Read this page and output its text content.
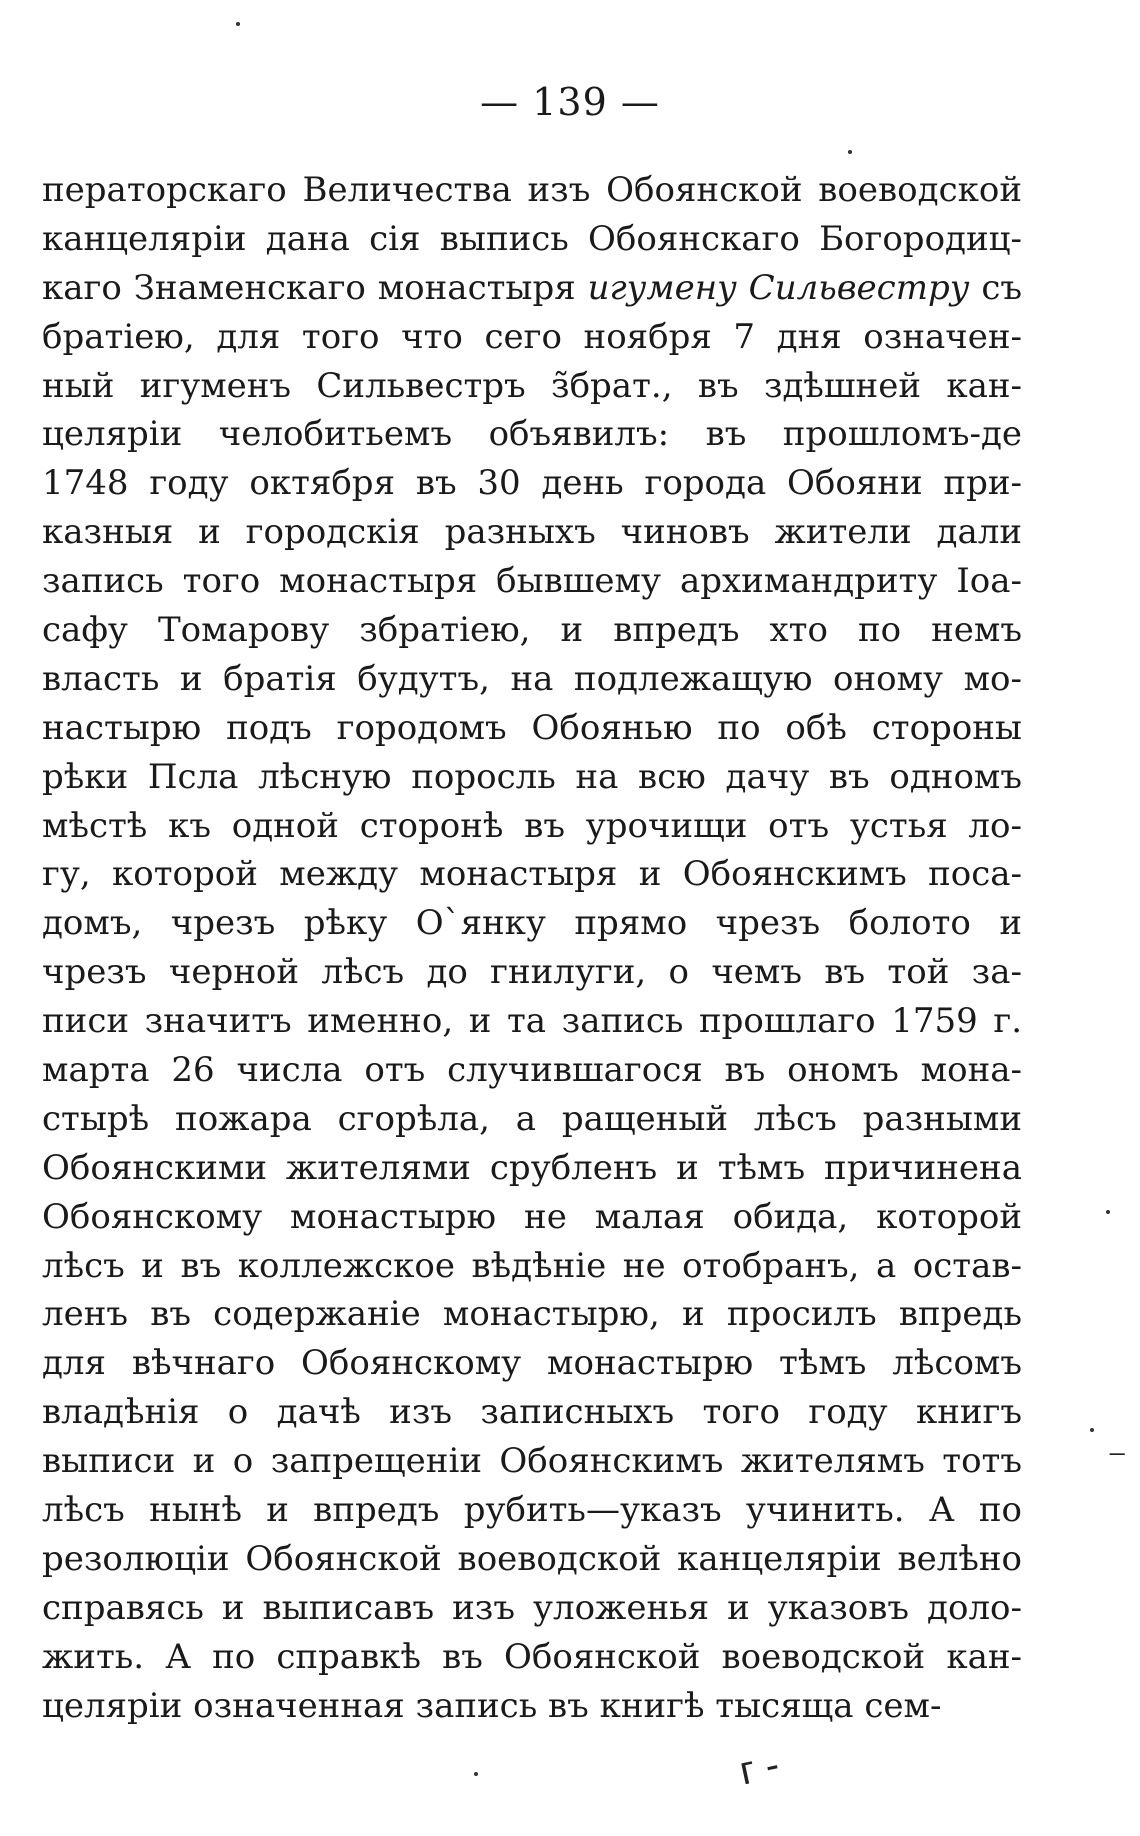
— 139 —
ператорскаго Величества изъ Обоянской воеводской
канцеляріи дана сія выпись Обоянскаго Богородиц-
каго Знаменскаго монастыря игумену Сильвестру съ
братіею, для того что сего ноября 7 дня означен-
ный игуменъ Сильвестръ з̃брат., въ здѣшней кан-
целяріи челобитьемъ объявилъ: въ прошломъ-де
1748 году октября въ 30 день города Обояни при-
казныя и городскія разныхъ чиновъ жители дали
запись того монастыря бывшему архимандриту Іоа-
сафу Томарову збратіею, и впредъ хто по немъ
власть и братія будутъ, на подлежащую оному мо-
настырю подъ городомъ Обоянью по обѣ стороны
рѣки Псла лѣсную поросль на всю дачу въ одномъ
мѣстѣ къ одной сторонѣ въ урочищи отъ устья ло-
гу, которой между монастыря и Обоянскимъ поса-
домъ, чрезъ рѣку О`янку прямо чрезъ болото и
чрезъ черной лѣсъ до гнилуги, о чемъ въ той за-
писи значитъ именно, и та запись прошлаго 1759 г.
марта 26 числа отъ случившагося въ ономъ мона-
стырѣ пожара сгорѣла, а ращеный лѣсъ разными
Обоянскими жителями срубленъ и тѣмъ причинена
Обоянскому монастырю не малая обида, которой
лѣсъ и въ коллежское вѣдѣніе не отобранъ, а остав-
ленъ въ содержаніе монастырю, и просилъ впредь
для вѣчнаго Обоянскому монастырю тѣмъ лѣсомъ
владѣнія о дачѣ изъ записныхъ того году книгъ
выписи и о запрещеніи Обоянскимъ жителямъ тотъ
лѣсъ нынѣ и впредъ рубить—указъ учинить. А по
резолюціи Обоянской воеводской канцеляріи велѣно
справясь и выписавъ изъ уложенья и указовъ доло-
жить. А по справкѣ въ Обоянской воеводской кан-
целяріи означенная запись въ книгѣ тысяща сем-
_
г -
